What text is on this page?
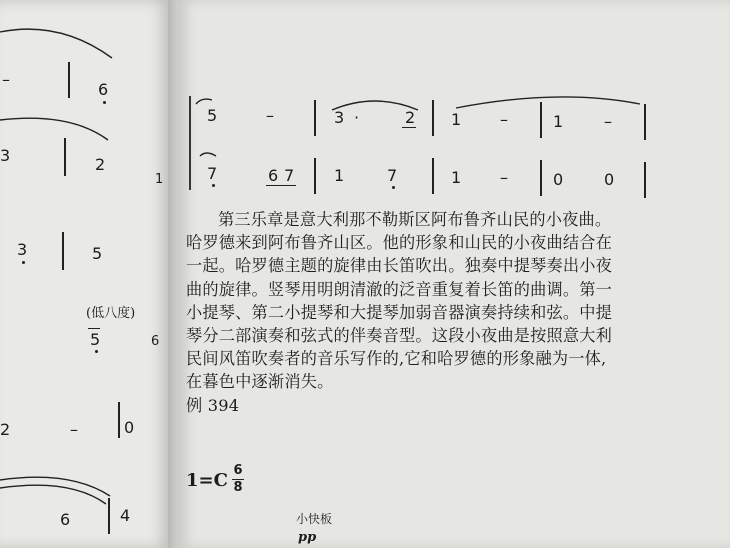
–
6
3	2
1
3	5
(低八度)
5	6
2	–	0
6	4
5	–	3 ·	2 1 –	1	–
7	6 7 1	7	1 –	0	0
第三乐章是意大利那不勒斯区阿布鲁齐山民的小夜曲。
哈罗德来到阿布鲁齐山区。他的形象和山民的小夜曲结合在
一起。哈罗德主题的旋律由长笛吹出。独奏中提琴奏出小夜
曲的旋律。竖琴用明朗清澈的泛音重复着长笛的曲调。第一
小提琴、第二小提琴和大提琴加弱音器演奏持续和弦。中提
琴分二部演奏和弦式的伴奏音型。这段小夜曲是按照意大利
民间风笛吹奏者的音乐写作的,它和哈罗德的形象融为一体,
在暮色中逐渐消失。
例 394
1=C 6
8
小快板
pp
